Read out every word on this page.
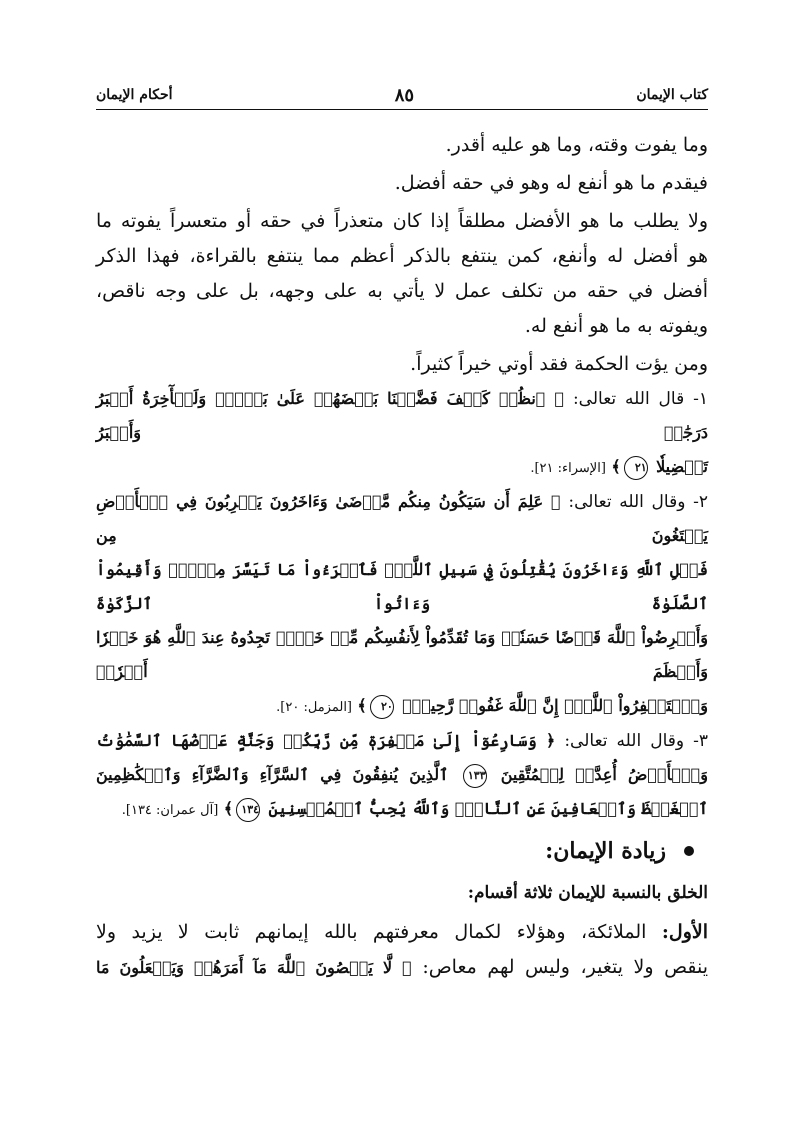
كتاب الإيمان
٨٥
أحكام الإيمان

وما يفوت وقته، وما هو عليه أقدر.

فيقدم ما هو أنفع له وهو في حقه أفضل.

ولا يطلب ما هو الأفضل مطلقاً إذا كان متعذراً في حقه أو متعسراً يفوته ما
هو أفضل له وأنفع، كمن ينتفع بالذكر أعظم مما ينتفع بالقراءة، فهذا الذكر
أفضل في حقه من تكلف عمل لا يأتي به على وجهه، بل على وجه ناقص،
ويفوته به ما هو أنفع له.

ومن يؤت الحكمة فقد أوتي خيراً كثيراً.

١- قال الله تعالى: ﴿ ٱنظُرۡ كَيۡفَ فَضَّلۡنَا بَعۡضَهُمۡ عَلَىٰ بَعۡضٖۚ وَلَلۡأٓخِرَةُ أَكۡبَرُ دَرَجَٰتٖ وَأَكۡبَرُ
تَفۡضِيلٗا ٢١﴾ [الإسراء: ٢١].
٢- وقال الله تعالى: ﴿ عَلِمَ أَن سَيَكُونُ مِنكُم مَّرۡضَىٰ وَءَاخَرُونَ يَضۡرِبُونَ فِي ٱلۡأَرۡضِ يَبۡتَغُونَ مِن
فَضۡلِ ٱللَّهِ وَءَاخَرُونَ يُقَٰتِلُونَ فِي سَبِيلِ ٱللَّهِۖ فَٱقۡرَءُواْ مَا تَيَسَّرَ مِنۡهُۚ وَأَقِيمُواْ ٱلصَّلَوٰةَ وَءَاتُواْ ٱلزَّكَوٰةَ
وَأَقۡرِضُواْ ٱللَّهَ قَرۡضًا حَسَنٗاۚ وَمَا تُقَدِّمُواْ لِأَنفُسِكُم مِّنۡ خَيۡرٖ تَجِدُوهُ عِندَ ٱللَّهِ هُوَ خَيۡرٗا وَأَعۡظَمَ أَجۡرٗاۚ
وَٱسۡتَغۡفِرُواْ ٱللَّهَۖ إِنَّ ٱللَّهَ غَفُورٞ رَّحِيمُۢ ٢٠﴾ [المزمل: ٢٠].
٣- وقال الله تعالى: ﴿ وَسَارِعُوٓاْ إِلَىٰ مَغۡفِرَةٖ مِّن رَّبِّكُمۡ وَجَنَّةٍ عَرۡضُهَا ٱلسَّمَٰوَٰتُ
وَٱلۡأَرۡضُ أُعِدَّتۡ لِلۡمُتَّقِينَ ١٣٣ ٱلَّذِينَ يُنفِقُونَ فِي ٱلسَّرَّآءِ وَٱلضَّرَّآءِ وَٱلۡكَٰظِمِينَ
ٱلۡغَيۡظَ وَٱلۡعَافِينَ عَنِ ٱلنَّاسِۗ وَٱللَّهُ يُحِبُّ ٱلۡمُحۡسِنِينَ ١٣٤﴾ [آل عمران: ١٣٤].
زيادة الإيمان:
الخلق بالنسبة للإيمان ثلاثة أقسام:

الأول: الملائكة، وهؤلاء لكمال معرفتهم بالله إيمانهم ثابت لا يزيد ولا
ينقص ولا يتغير، وليس لهم معاص: ﴿ لَّا يَعۡصُونَ ٱللَّهَ مَآ أَمَرَهُمۡ وَيَفۡعَلُونَ مَا
